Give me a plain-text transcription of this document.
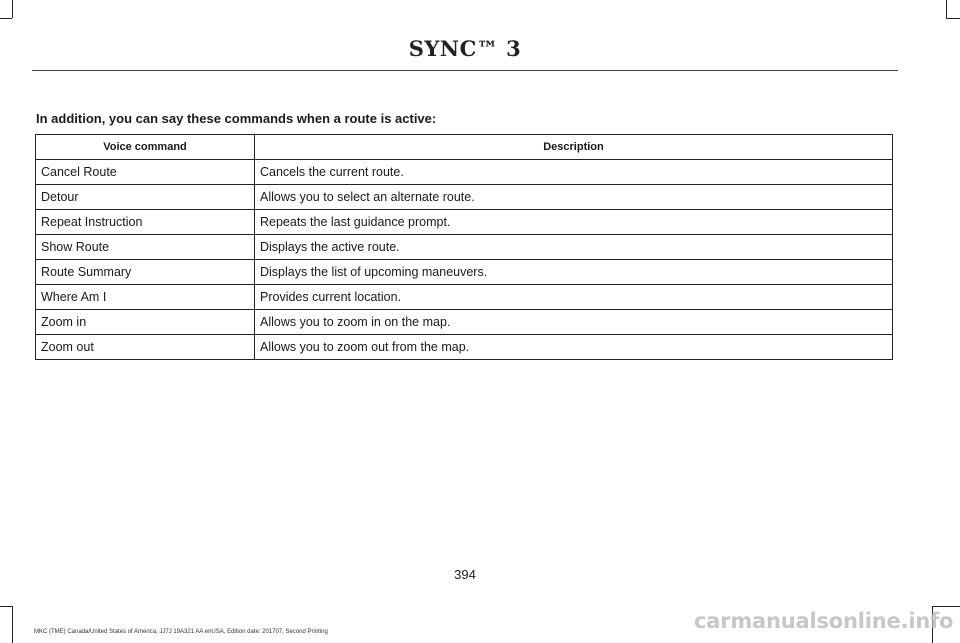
SYNC™ 3
In addition, you can say these commands when a route is active:
Voice command	Description
Cancel Route	Cancels the current route.
Detour	Allows you to select an alternate route.
Repeat Instruction	Repeats the last guidance prompt.
Show Route	Displays the active route.
Route Summary	Displays the list of upcoming maneuvers.
Where Am I	Provides current location.
Zoom in	Allows you to zoom in on the map.
Zoom out	Allows you to zoom out from the map.
394
MKC (TME) Canada/United States of America, JJ7J 19A321 AA enUSA, Edition date: 201707, Second Printing	carmanualsonline.info
